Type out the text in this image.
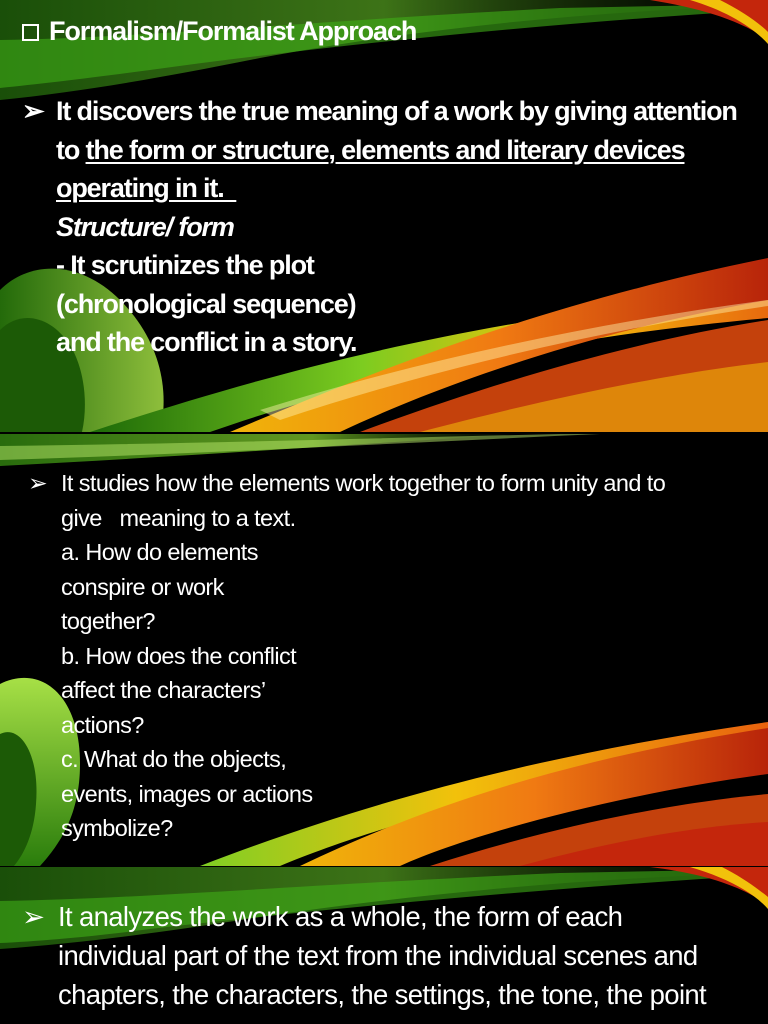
Formalism/Formalist Approach
➢ It discovers the true meaning of a work by giving attention
to the form or structure, elements and literary devices
operating in it.
Structure/ form
- It scrutinizes the plot
(chronological sequence)
and the conflict in a story.
➢ It studies how the elements work together to form unity and to
give   meaning to a text.
a. How do elements
conspire or work
together?
b. How does the conflict
affect the characters’
actions?
c. What do the objects,
events, images or actions
symbolize?
➢ It analyzes the work as a whole, the form of each
individual part of the text from the individual scenes and
chapters, the characters, the settings, the tone, the point
